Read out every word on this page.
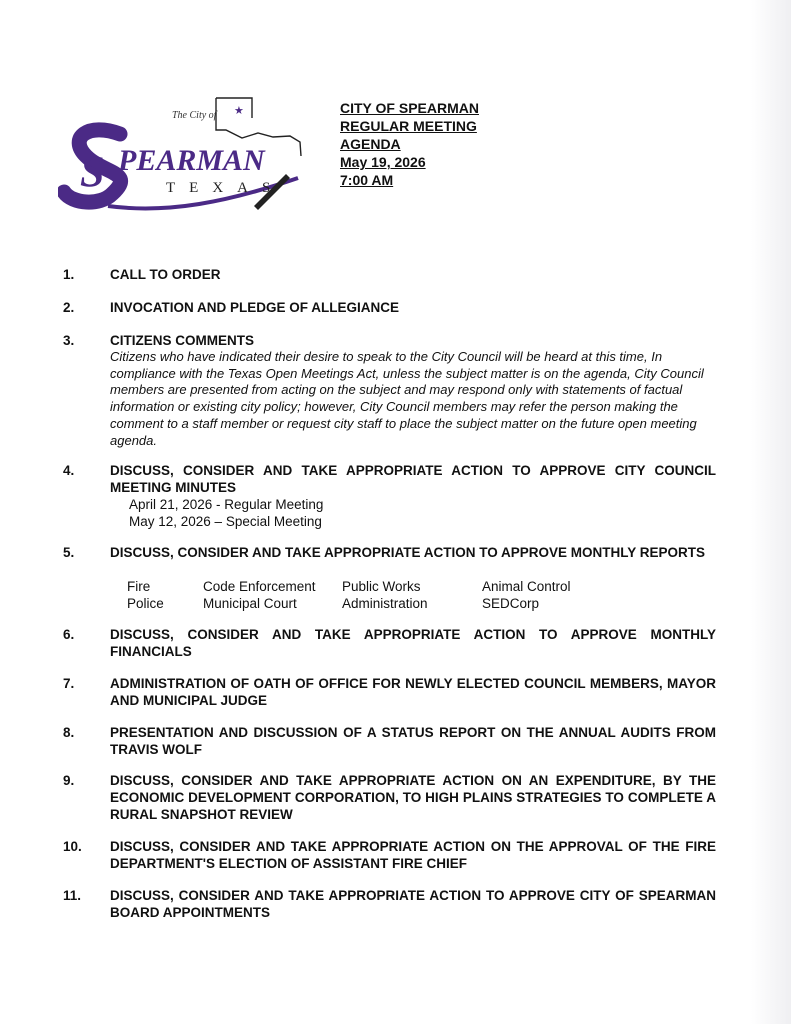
★
The City of
S PEARMAN
TEXAS
CITY OF SPEARMAN
REGULAR MEETING
AGENDA
May 19, 2026
7:00 AM
1.	CALL TO ORDER
2.	INVOCATION AND PLEDGE OF ALLEGIANCE
3.	CITIZENS COMMENTS
Citizens who have indicated their desire to speak to the City Council will be heard at this time, In compliance with the Texas Open Meetings Act, unless the subject matter is on the agenda, City Council members are presented from acting on the subject and may respond only with statements of factual information or existing city policy; however, City Council members may refer the person making the comment to a staff member or request city staff to place the subject matter on the future open meeting agenda.
4.	DISCUSS, CONSIDER AND TAKE APPROPRIATE ACTION TO APPROVE CITY COUNCIL MEETING MINUTES
April 21, 2026 - Regular Meeting
May 12, 2026 – Special Meeting
5.	DISCUSS, CONSIDER AND TAKE APPROPRIATE ACTION TO APPROVE MONTHLY REPORTS
Fire	Code Enforcement	Public Works	Animal Control
Police	Municipal Court	Administration	SEDCorp
6.	DISCUSS, CONSIDER AND TAKE APPROPRIATE ACTION TO APPROVE MONTHLY FINANCIALS
7.	ADMINISTRATION OF OATH OF OFFICE FOR NEWLY ELECTED COUNCIL MEMBERS, MAYOR AND MUNICIPAL JUDGE
8.	PRESENTATION AND DISCUSSION OF A STATUS REPORT ON THE ANNUAL AUDITS FROM TRAVIS WOLF
9.	DISCUSS, CONSIDER AND TAKE APPROPRIATE ACTION ON AN EXPENDITURE, BY THE ECONOMIC DEVELOPMENT CORPORATION, TO HIGH PLAINS STRATEGIES TO COMPLETE A RURAL SNAPSHOT REVIEW
10.	DISCUSS, CONSIDER AND TAKE APPROPRIATE ACTION ON THE APPROVAL OF THE FIRE DEPARTMENT'S ELECTION OF ASSISTANT FIRE CHIEF
11.	DISCUSS, CONSIDER AND TAKE APPROPRIATE ACTION TO APPROVE CITY OF SPEARMAN BOARD APPOINTMENTS
